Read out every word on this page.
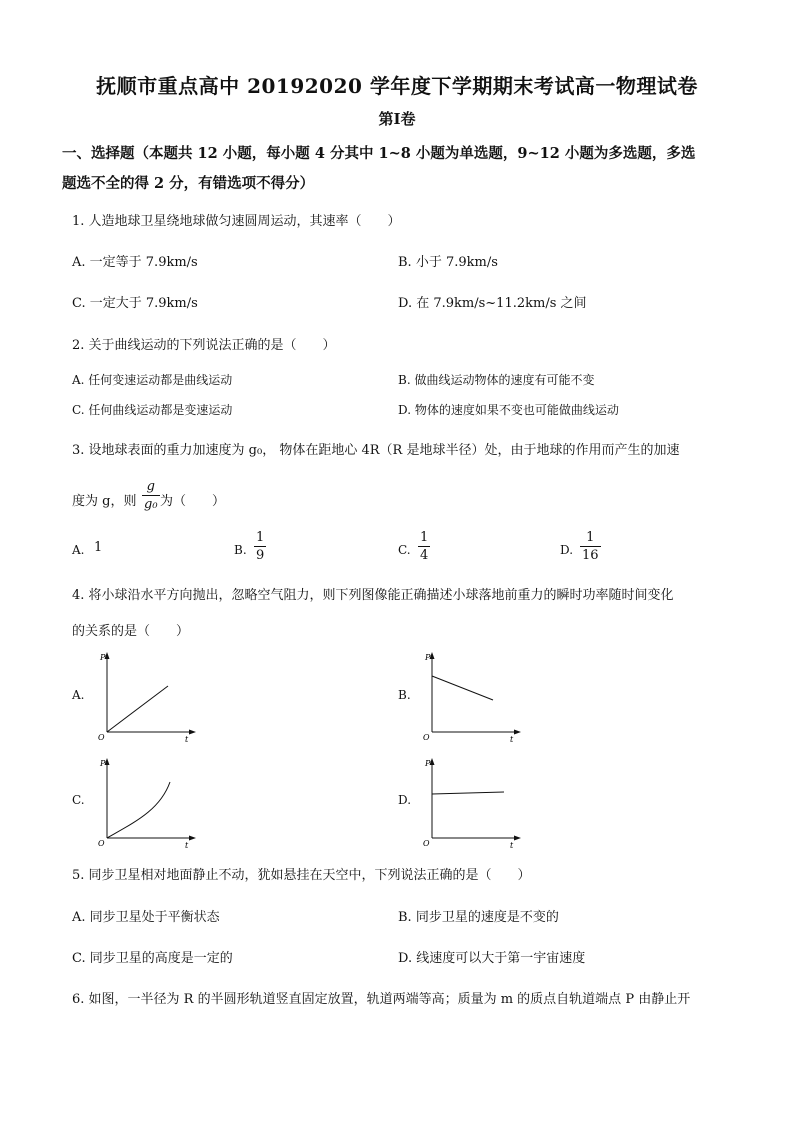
抚顺市重点高中 20192020 学年度下学期期末考试高一物理试卷
第Ⅰ卷
一、选择题（本题共 12 小题，每小题 4 分其中 1~8 小题为单选题，9~12 小题为多选题，多选
题选不全的得 2 分，有错选项不得分）
1. 人造地球卫星绕地球做匀速圆周运动，其速率（　　）
A. 一定等于 7.9km/s	B. 小于 7.9km/s
C. 一定大于 7.9km/s	D. 在 7.9km/s~11.2km/s 之间
2. 关于曲线运动的下列说法正确的是（　　）
A. 任何变速运动都是曲线运动	B. 做曲线运动物体的速度有可能不变
C. 任何曲线运动都是变速运动	D. 物体的速度如果不变也可能做曲线运动
3. 设地球表面的重力加速度为 g₀， 物体在距地心 4R（R 是地球半径）处，由于地球的作用而产生的加速
度为 g，则
g
g₀ 为（　　）
A. 1	B.
1
9	C.
1
4	D.
1
16
4. 将小球沿水平方向抛出，忽略空气阻力，则下列图像能正确描述小球落地前重力的瞬时功率随时间变化
的关系的是（　　）
A.
P
t
O
B.
P
t
O
C.
P
t
O
D.
P
t
O
5. 同步卫星相对地面静止不动，犹如悬挂在天空中，下列说法正确的是（　　）
A. 同步卫星处于平衡状态	B. 同步卫星的速度是不变的
C. 同步卫星的高度是一定的	D. 线速度可以大于第一宇宙速度
6. 如图，一半径为 R 的半圆形轨道竖直固定放置，轨道两端等高；质量为 m 的质点自轨道端点 P 由静止开
